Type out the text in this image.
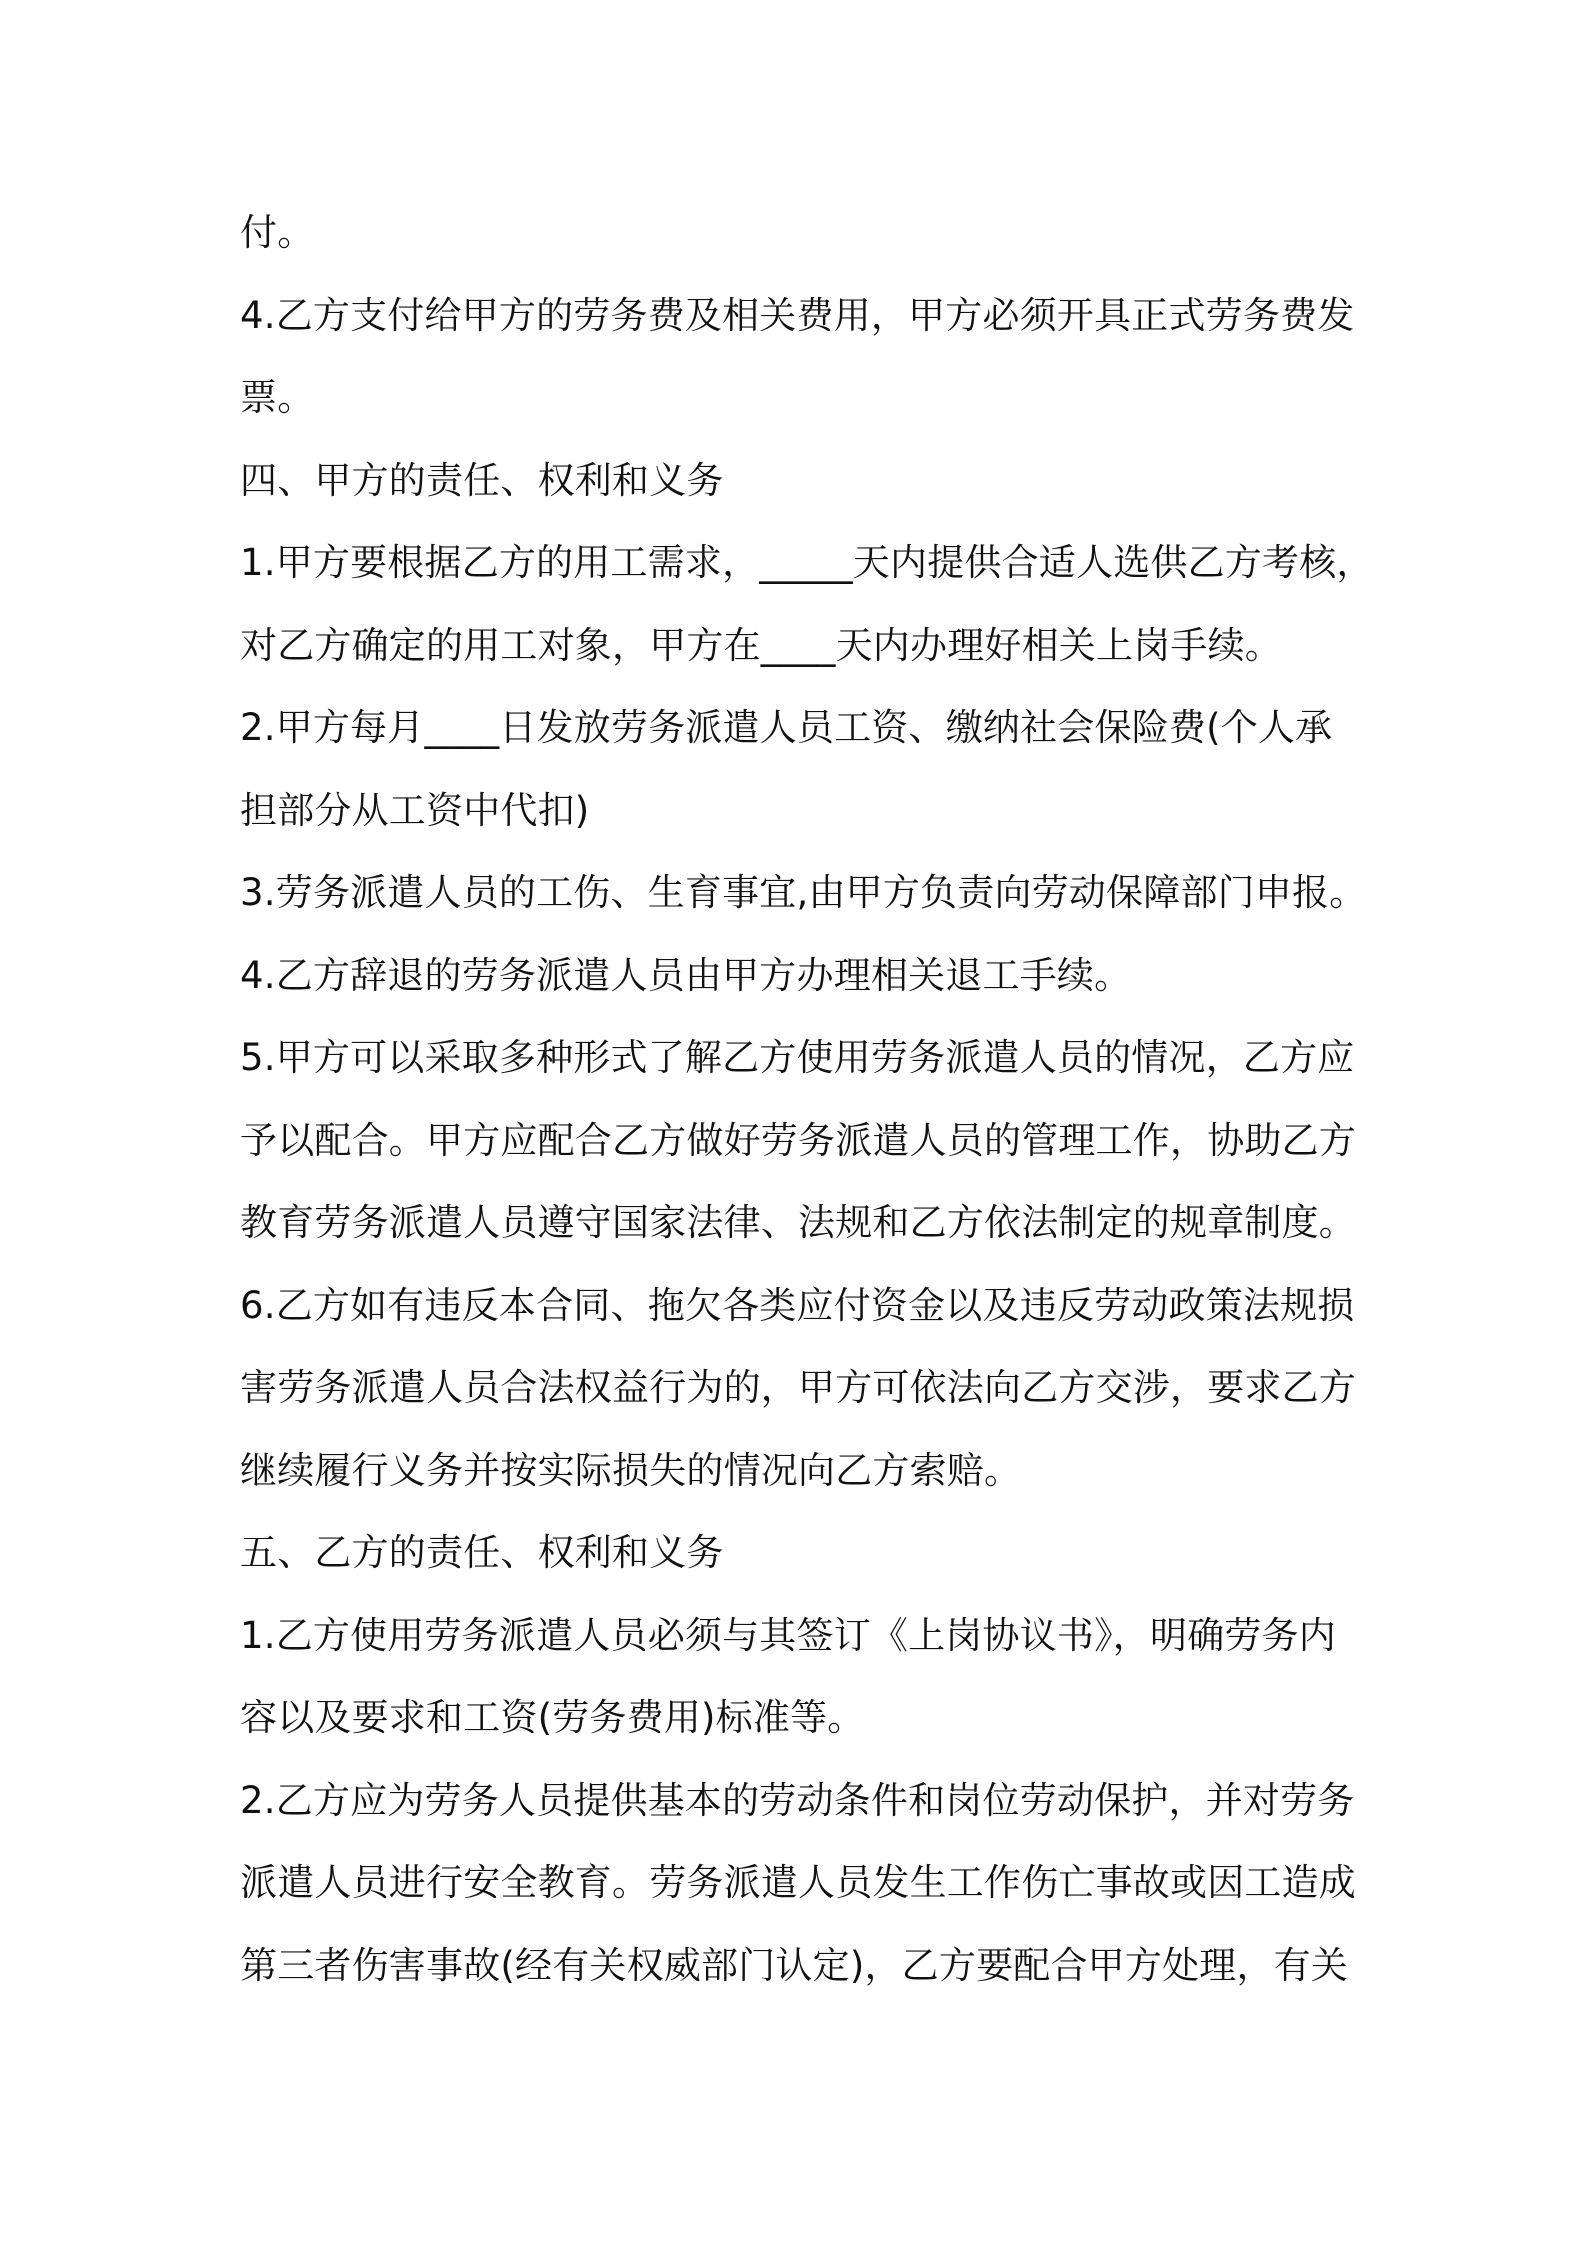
付。
4.乙方支付给甲方的劳务费及相关费用，甲方必须开具正式劳务费发
票。
四、甲方的责任、权利和义务
1.甲方要根据乙方的用工需求，_____天内提供合适人选供乙方考核，
对乙方确定的用工对象，甲方在____天内办理好相关上岗手续。
2.甲方每月____日发放劳务派遣人员工资、缴纳社会保险费(个人承
担部分从工资中代扣)
3.劳务派遣人员的工伤、生育事宜,由甲方负责向劳动保障部门申报。
4.乙方辞退的劳务派遣人员由甲方办理相关退工手续。
5.甲方可以采取多种形式了解乙方使用劳务派遣人员的情况，乙方应
予以配合。甲方应配合乙方做好劳务派遣人员的管理工作，协助乙方
教育劳务派遣人员遵守国家法律、法规和乙方依法制定的规章制度。
6.乙方如有违反本合同、拖欠各类应付资金以及违反劳动政策法规损
害劳务派遣人员合法权益行为的，甲方可依法向乙方交涉，要求乙方
继续履行义务并按实际损失的情况向乙方索赔。
五、乙方的责任、权利和义务
1.乙方使用劳务派遣人员必须与其签订《上岗协议书》，明确劳务内
容以及要求和工资(劳务费用)标准等。
2.乙方应为劳务人员提供基本的劳动条件和岗位劳动保护，并对劳务
派遣人员进行安全教育。劳务派遣人员发生工作伤亡事故或因工造成
第三者伤害事故(经有关权威部门认定)，乙方要配合甲方处理，有关
